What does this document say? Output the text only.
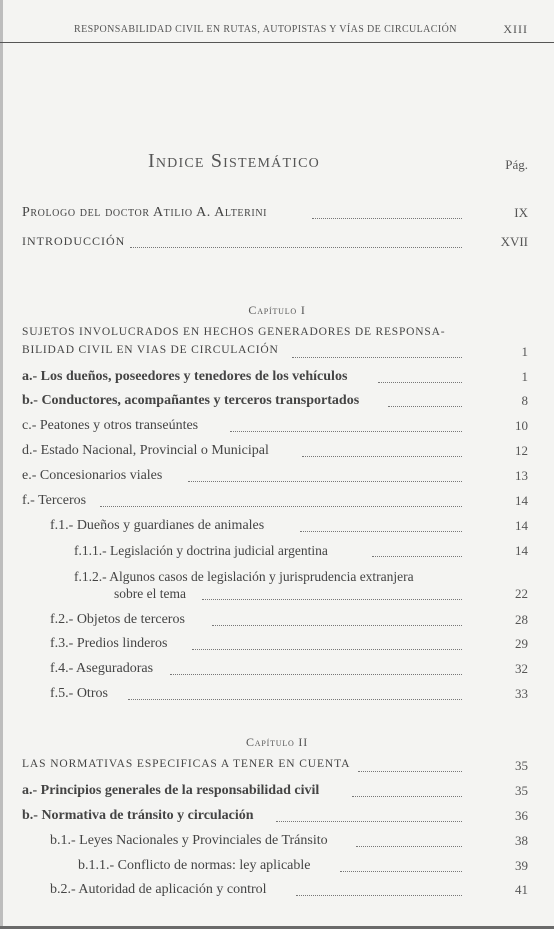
RESPONSABILIDAD CIVIL EN RUTAS, AUTOPISTAS Y VÍAS DE CIRCULACIÓN	XIII
Indice Sistemático	Pág.
Prologo del doctor Atilio A. Alterini	IX
INTRODUCCIÓN	XVII
Capítulo I
SUJETOS INVOLUCRADOS EN HECHOS GENERADORES DE RESPONSA-
BILIDAD CIVIL EN VIAS DE CIRCULACIÓN	1
a.- Los dueños, poseedores y tenedores de los vehículos	1
b.- Conductores, acompañantes y terceros transportados	8
c.- Peatones y otros transeúntes	10
d.- Estado Nacional, Provincial o Municipal	12
e.- Concesionarios viales	13
f.- Terceros	14
f.1.- Dueños y guardianes de animales	14
f.1.1.- Legislación y doctrina judicial argentina	14
f.1.2.- Algunos casos de legislación y jurisprudencia extranjera
sobre el tema	22
f.2.- Objetos de terceros	28
f.3.- Predios linderos	29
f.4.- Aseguradoras	32
f.5.- Otros	33
Capítulo II
LAS NORMATIVAS ESPECIFICAS A TENER EN CUENTA	35
a.- Principios generales de la responsabilidad civil	35
b.- Normativa de tránsito y circulación	36
b.1.- Leyes Nacionales y Provinciales de Tránsito	38
b.1.1.- Conflicto de normas: ley aplicable	39
b.2.- Autoridad de aplicación y control	41
